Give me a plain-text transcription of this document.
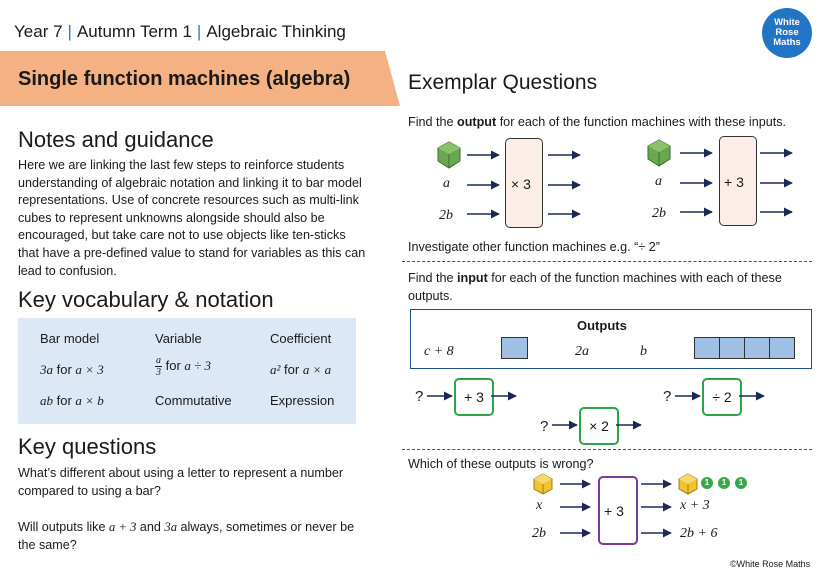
Year 7 | Autumn Term 1 | Algebraic Thinking	White
Rose
Maths
Single function machines (algebra)
Notes and guidance
Here we are linking the last few steps to reinforce students understanding of algebraic notation and linking it to bar model representations. Use of concrete resources such as multi-link cubes to represent unknowns alongside should also be encouraged, but take care not to use objects like ten-sticks that have a pre-defined value to stand for variables as this can lead to confusion.
Key vocabulary & notation
Bar model	Variable	Coefficient
3a for a × 3	$\frac{a}{3}$ for a ÷ 3	a² for a × a
ab for a × b	Commutative	Expression
Key questions
What’s different about using a letter to represent a number compared to using a bar?
Will outputs like a + 3 and 3a always, sometimes or never be the same?
Exemplar Questions
Find the output for each of the function machines with these inputs.
a
2b
× 3	a
2b
+ 3
Investigate other function machines e.g. “÷ 2”
Find the input for each of the function machines with each of these outputs.
Outputs
c + 8	2a	b
?	+ 3
?	× 2
?	÷ 2
Which of these outputs is wrong?
x
2b
+ 3
1	1	1
x + 3
2b + 6
©White Rose Maths
